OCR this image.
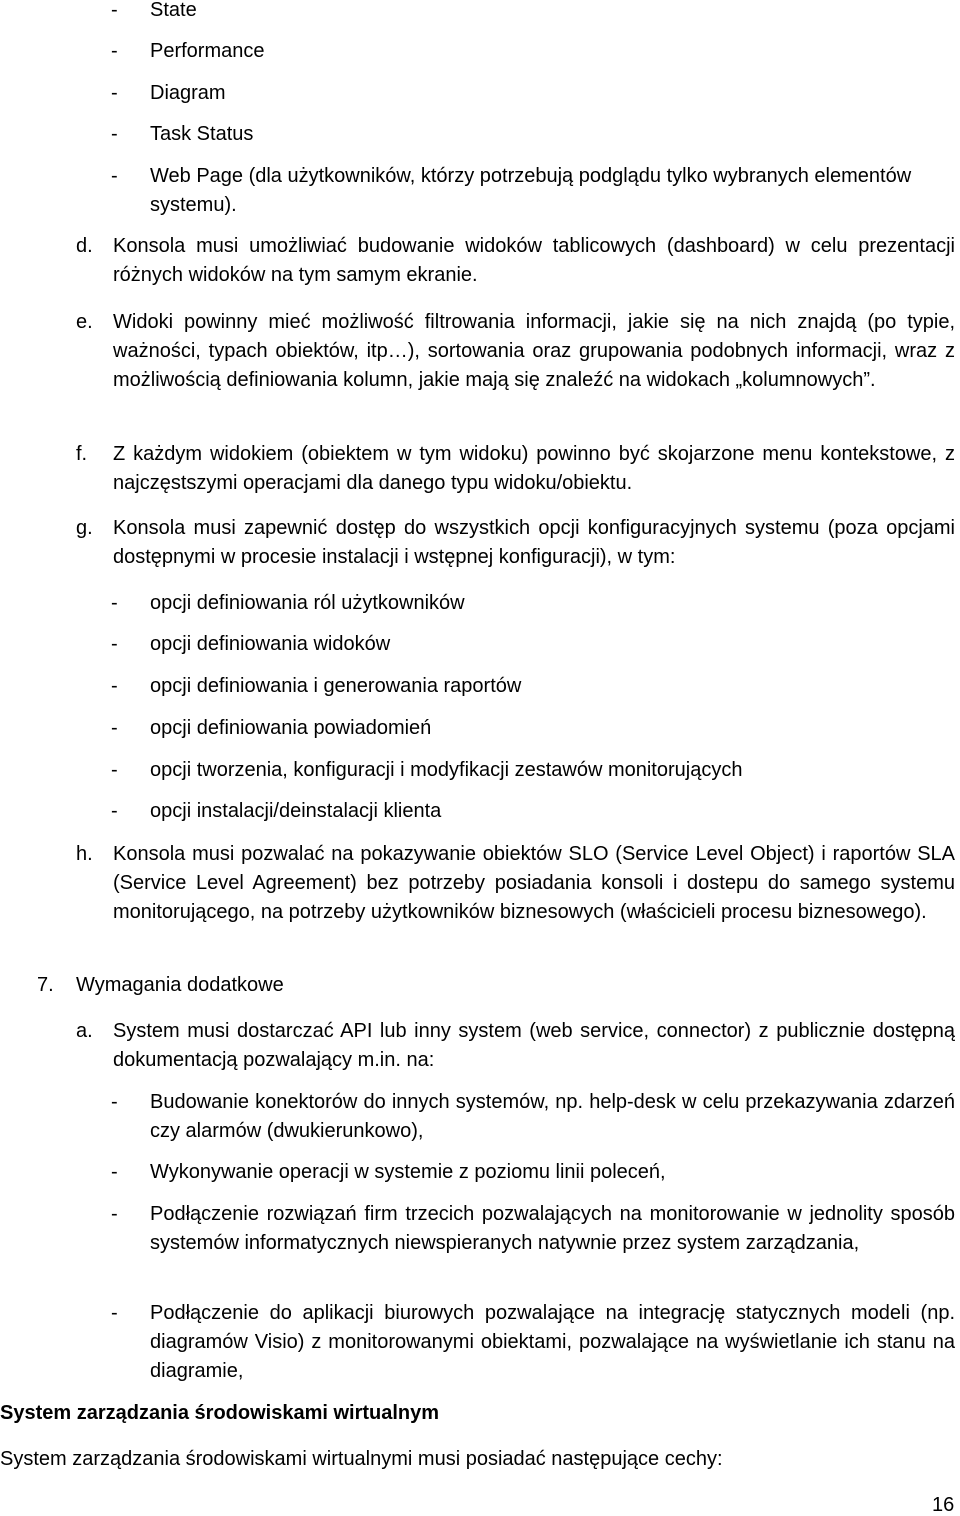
- State
- Performance
- Diagram
- Task Status
- Web Page (dla użytkowników, którzy potrzebują podglądu tylko wybranych elementów systemu).

d. Konsola musi umożliwiać budowanie widoków tablicowych (dashboard) w celu prezentacji różnych widoków na tym samym ekranie.

e. Widoki powinny mieć możliwość filtrowania informacji, jakie się na nich znajdą (po typie, ważności, typach obiektów, itp…), sortowania oraz grupowania podobnych informacji, wraz z możliwością definiowania kolumn, jakie mają się znaleźć na widokach „kolumnowych”.

f. Z każdym widokiem (obiektem w tym widoku) powinno być skojarzone menu kontekstowe, z najczęstszymi operacjami dla danego typu widoku/obiektu.

g. Konsola musi zapewnić dostęp do wszystkich opcji konfiguracyjnych systemu (poza opcjami dostępnymi w procesie instalacji i wstępnej konfiguracji), w tym:

- opcji definiowania ról użytkowników
- opcji definiowania widoków
- opcji definiowania i generowania raportów
- opcji definiowania powiadomień
- opcji tworzenia, konfiguracji i modyfikacji zestawów monitorujących
- opcji instalacji/deinstalacji klienta
h. Konsola musi pozwalać na pokazywanie obiektów SLO (Service Level Object) i raportów SLA (Service Level Agreement) bez potrzeby posiadania konsoli i dostepu do samego systemu monitorującego, na potrzeby użytkowników biznesowych (właścicieli procesu biznesowego).

7. Wymagania dodatkowe
a. System musi dostarczać API lub inny system (web service, connector) z publicznie dostępną dokumentacją pozwalający m.in. na:

- Budowanie konektorów do innych systemów, np. help-desk w celu przekazywania zdarzeń czy alarmów (dwukierunkowo),

- Wykonywanie operacji w systemie z poziomu linii poleceń,

- Podłączenie rozwiązań firm trzecich pozwalających na monitorowanie w jednolity sposób systemów informatycznych niewspieranych natywnie przez system zarządzania,

- Podłączenie do aplikacji biurowych pozwalające na integrację statycznych modeli (np. diagramów Visio) z monitorowanymi obiektami, pozwalające na wyświetlanie ich stanu na diagramie,

System zarządzania środowiskami wirtualnym
System zarządzania środowiskami wirtualnymi musi posiadać następujące cechy:
16
